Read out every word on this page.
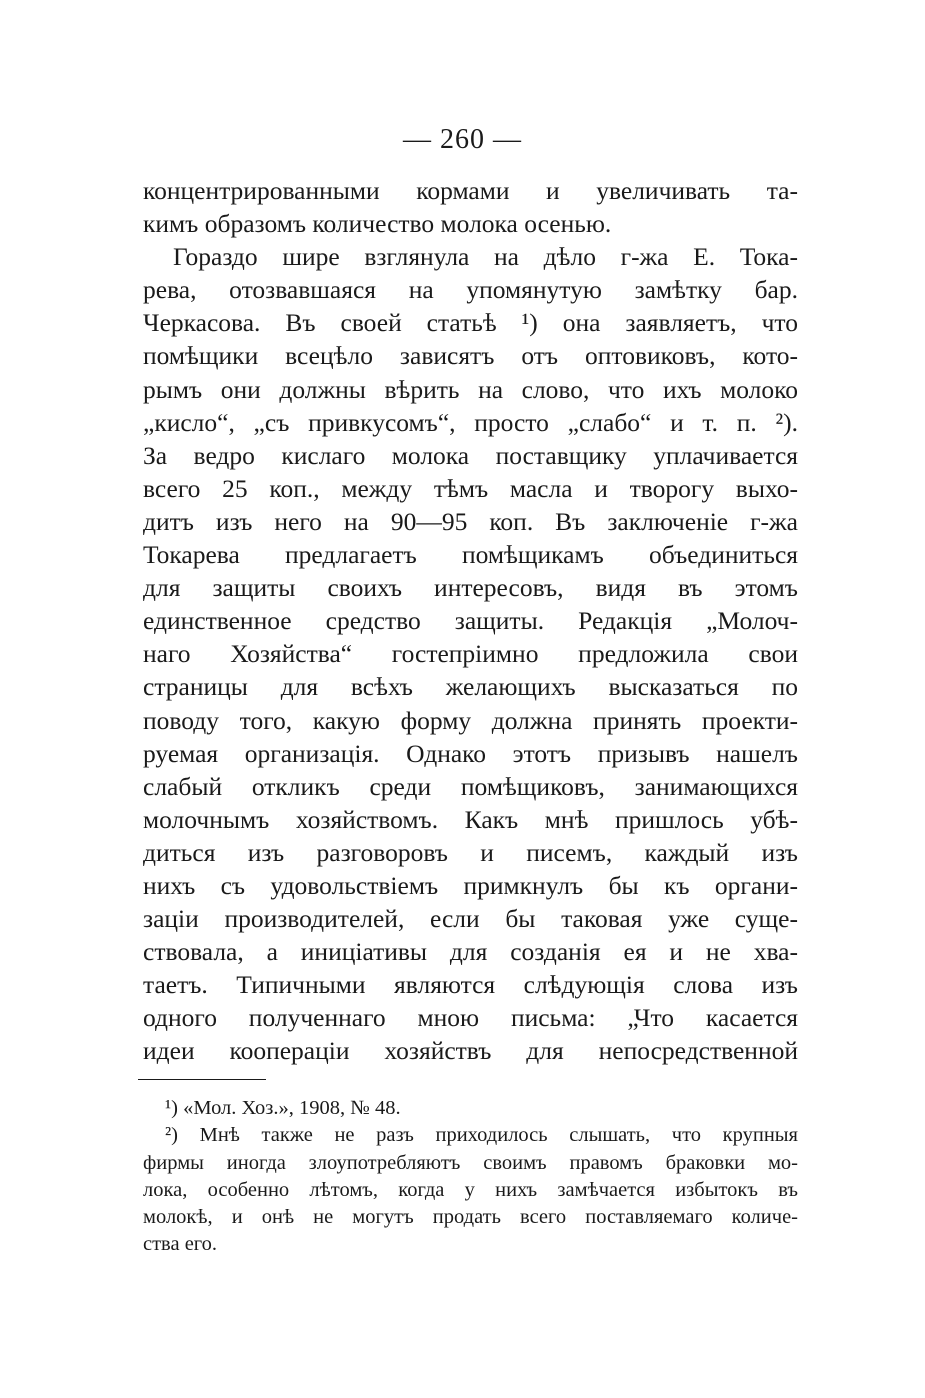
— 260 —
концентрированными кормами и увеличивать та-
кимъ образомъ количество молока осенью.
Гораздо шире взглянула на дѣло г-жа Е. Тока-
рева, отозвавшаяся на упомянутую замѣтку бар.
Черкасова. Въ своей статьѣ ¹) она заявляетъ, что
помѣщики всецѣло зависятъ отъ оптовиковъ, кото-
рымъ они должны вѣрить на слово, что ихъ молоко
„кисло“, „съ привкусомъ“, просто „слабо“ и т. п. ²).
За ведро кислаго молока поставщику уплачивается
всего 25 коп., между тѣмъ масла и творогу выхо-
дитъ изъ него на 90—95 коп. Въ заключеніе г-жа
Токарева предлагаетъ помѣщикамъ объединиться
для защиты своихъ интересовъ, видя въ этомъ
единственное средство защиты. Редакція „Молоч-
наго Хозяйства“ гостепріимно предложила свои
страницы для всѣхъ желающихъ высказаться по
поводу того, какую форму должна принять проекти-
руемая организація. Однако этотъ призывъ нашелъ
слабый откликъ среди помѣщиковъ, занимающихся
молочнымъ хозяйствомъ. Какъ мнѣ пришлось убѣ-
диться изъ разговоровъ и писемъ, каждый изъ
нихъ съ удовольствіемъ примкнулъ бы къ органи-
заціи производителей, если бы таковая уже суще-
ствовала, а иниціативы для созданія ея и не хва-
таетъ. Типичными являются слѣдующія слова изъ
одного полученнаго мною письма: „Что касается
идеи коопераціи хозяйствъ для непосредственной
¹) «Мол. Хоз.», 1908, № 48.
²) Мнѣ также не разъ приходилось слышать, что крупныя
фирмы иногда злоупотребляютъ своимъ правомъ браковки мо-
лока, особенно лѣтомъ, когда у нихъ замѣчается избытокъ въ
молокѣ, и онѣ не могутъ продать всего поставляемаго количе-
ства его.
